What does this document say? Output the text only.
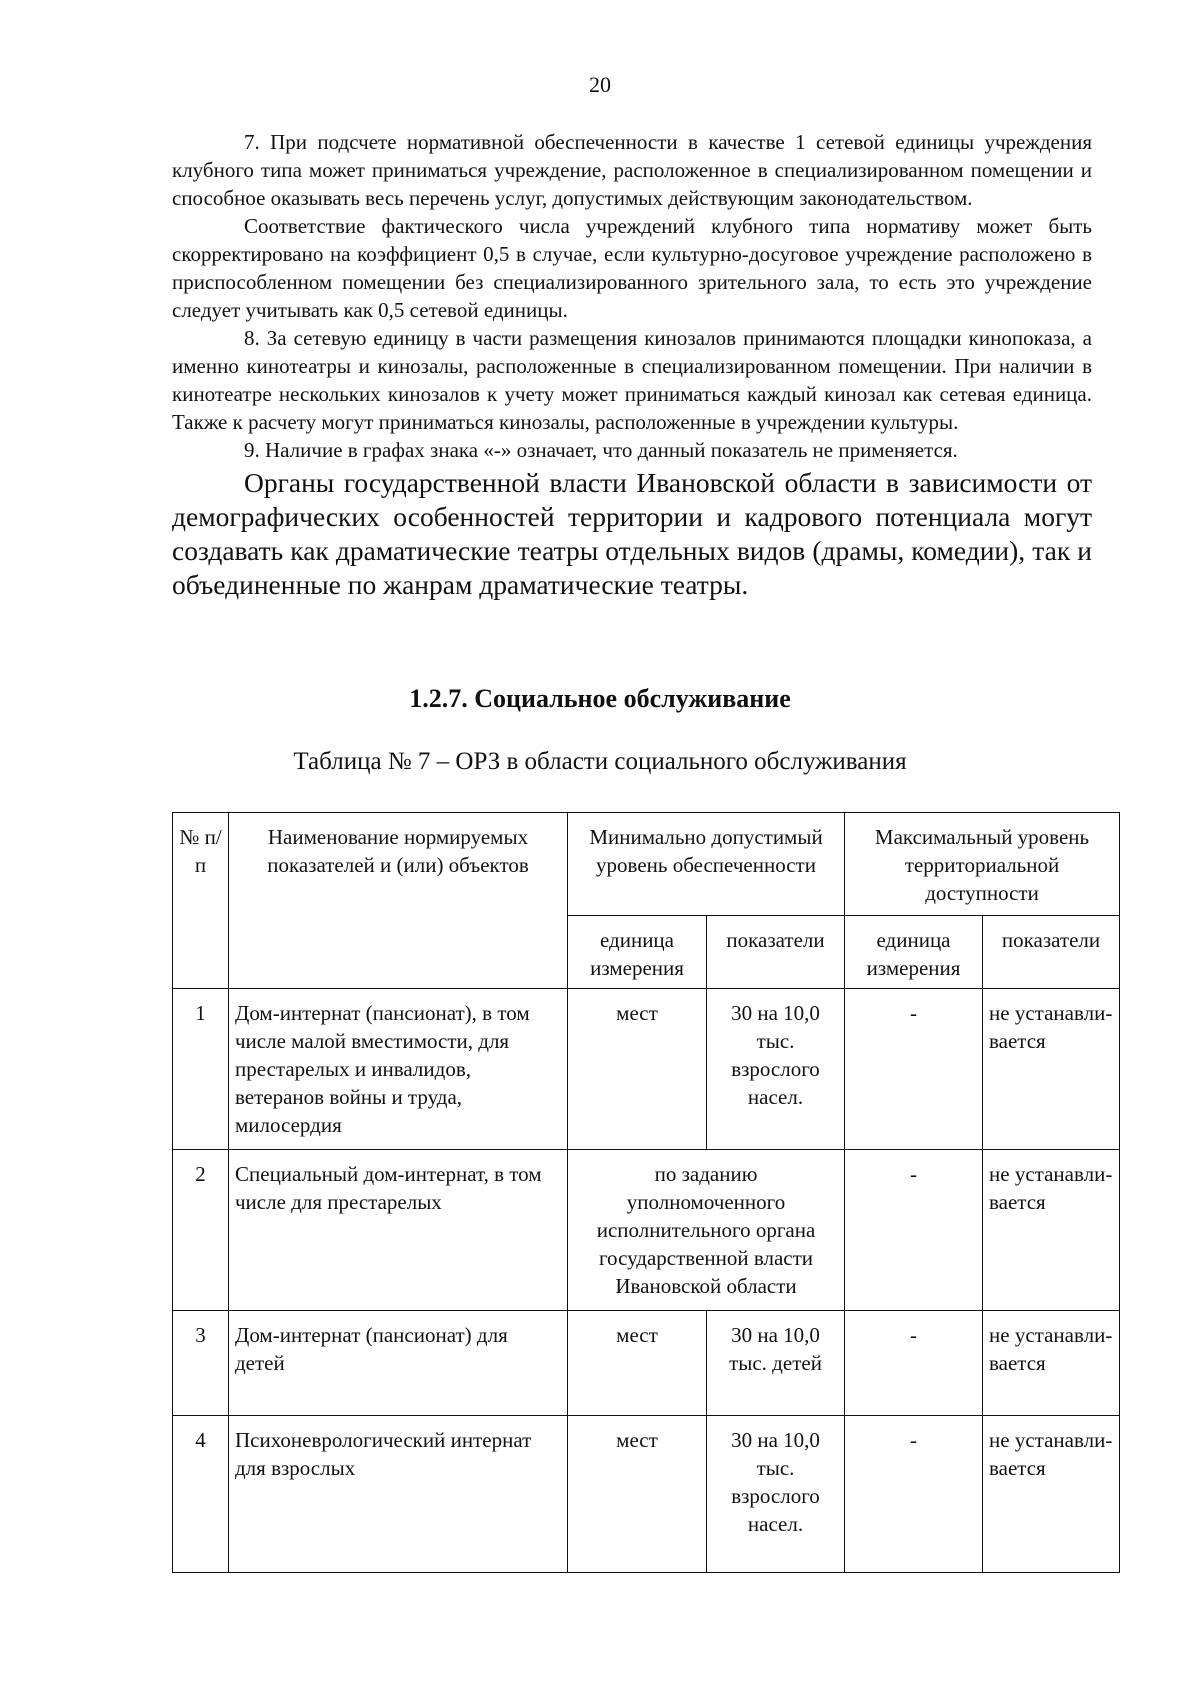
20

7. При подсчете нормативной обеспеченности в качестве 1 сетевой единицы учреждения клубного типа может приниматься учреждение, расположенное в специализированном помещении и способное оказывать весь перечень услуг, допустимых действующим законодательством.

Соответствие фактического числа учреждений клубного типа нормативу может быть скорректировано на коэффициент 0,5 в случае, если культурно-досуговое учреждение расположено в приспособленном помещении без специализированного зрительного зала, то есть это учреждение следует учитывать как 0,5 сетевой единицы.

8. За сетевую единицу в части размещения кинозалов принимаются площадки кинопоказа, а именно кинотеатры и кинозалы, расположенные в специализированном помещении. При наличии в кинотеатре нескольких кинозалов к учету может приниматься каждый кинозал как сетевая единица. Также к расчету могут приниматься кинозалы, расположенные в учреждении культуры.

9. Наличие в графах знака «-» означает, что данный показатель не применяется.

Органы государственной власти Ивановской области в зависимости от демографических особенностей территории и кадрового потенциала могут создавать как драматические театры отдельных видов (драмы, комедии), так и объединенные по жанрам драматические театры.

1.2.7. Социальное обслуживание
Таблица № 7 – ОРЗ в области социального обслуживания
№ п/п	Наименование нормируемых показателей и (или) объектов	Минимально допустимый уровень обеспеченности		Максимальный уровень территориальной доступности	
		единица измерения	показатели	единица измерения	показатели
1	Дом-интернат (пансионат), в том числе малой вместимости, для престарелых и инвалидов, ветеранов войны и труда, милосердия	мест	30 на 10,0 тыс. взрослого насел.	-	не устанавли-вается
2	Специальный дом-интернат, в том числе для престарелых	по заданию уполномоченного исполнительного органа государственной власти Ивановской области		-	не устанавли-вается
3	Дом-интернат (пансионат) для детей	мест	30 на 10,0 тыс. детей	-	не устанавли-вается
4	Психоневрологический интернат для взрослых	мест	30 на 10,0 тыс. взрослого насел.	-	не устанавли-вается
